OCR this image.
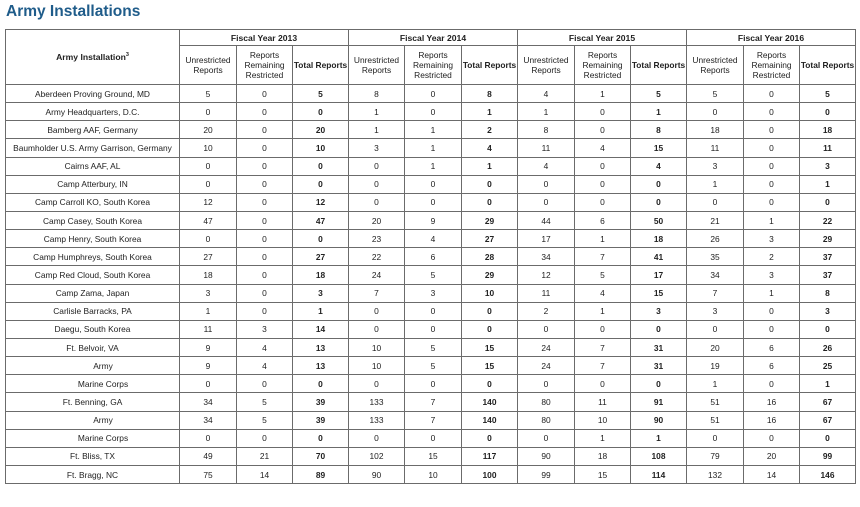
Army Installations
Army Installation$^3$	Fiscal Year 2013			Fiscal Year 2014			Fiscal Year 2015			Fiscal Year 2016		
	Unrestricted Reports	Reports Remaining Restricted	Total Reports	Unrestricted Reports	Reports Remaining Restricted	Total Reports	Unrestricted Reports	Reports Remaining Restricted	Total Reports	Unrestricted Reports	Reports Remaining Restricted	Total Reports
Aberdeen Proving Ground, MD	5	0	5	8	0	8	4	1	5	5	0	5
Army Headquarters, D.C.	0	0	0	1	0	1	1	0	1	0	0	0
Bamberg AAF, Germany	20	0	20	1	1	2	8	0	8	18	0	18
Baumholder U.S. Army Garrison, Germany	10	0	10	3	1	4	11	4	15	11	0	11
Cairns AAF, AL	0	0	0	0	1	1	4	0	4	3	0	3
Camp Atterbury, IN	0	0	0	0	0	0	0	0	0	1	0	1
Camp Carroll KO, South Korea	12	0	12	0	0	0	0	0	0	0	0	0
Camp Casey, South Korea	47	0	47	20	9	29	44	6	50	21	1	22
Camp Henry, South Korea	0	0	0	23	4	27	17	1	18	26	3	29
Camp Humphreys, South Korea	27	0	27	22	6	28	34	7	41	35	2	37
Camp Red Cloud, South Korea	18	0	18	24	5	29	12	5	17	34	3	37
Camp Zama, Japan	3	0	3	7	3	10	11	4	15	7	1	8
Carlisle Barracks, PA	1	0	1	0	0	0	2	1	3	3	0	3
Daegu, South Korea	11	3	14	0	0	0	0	0	0	0	0	0
Ft. Belvoir, VA	9	4	13	10	5	15	24	7	31	20	6	26
Army	9	4	13	10	5	15	24	7	31	19	6	25
Marine Corps	0	0	0	0	0	0	0	0	0	1	0	1
Ft. Benning, GA	34	5	39	133	7	140	80	11	91	51	16	67
Army	34	5	39	133	7	140	80	10	90	51	16	67
Marine Corps	0	0	0	0	0	0	0	1	1	0	0	0
Ft. Bliss, TX	49	21	70	102	15	117	90	18	108	79	20	99
Ft. Bragg, NC	75	14	89	90	10	100	99	15	114	132	14	146
